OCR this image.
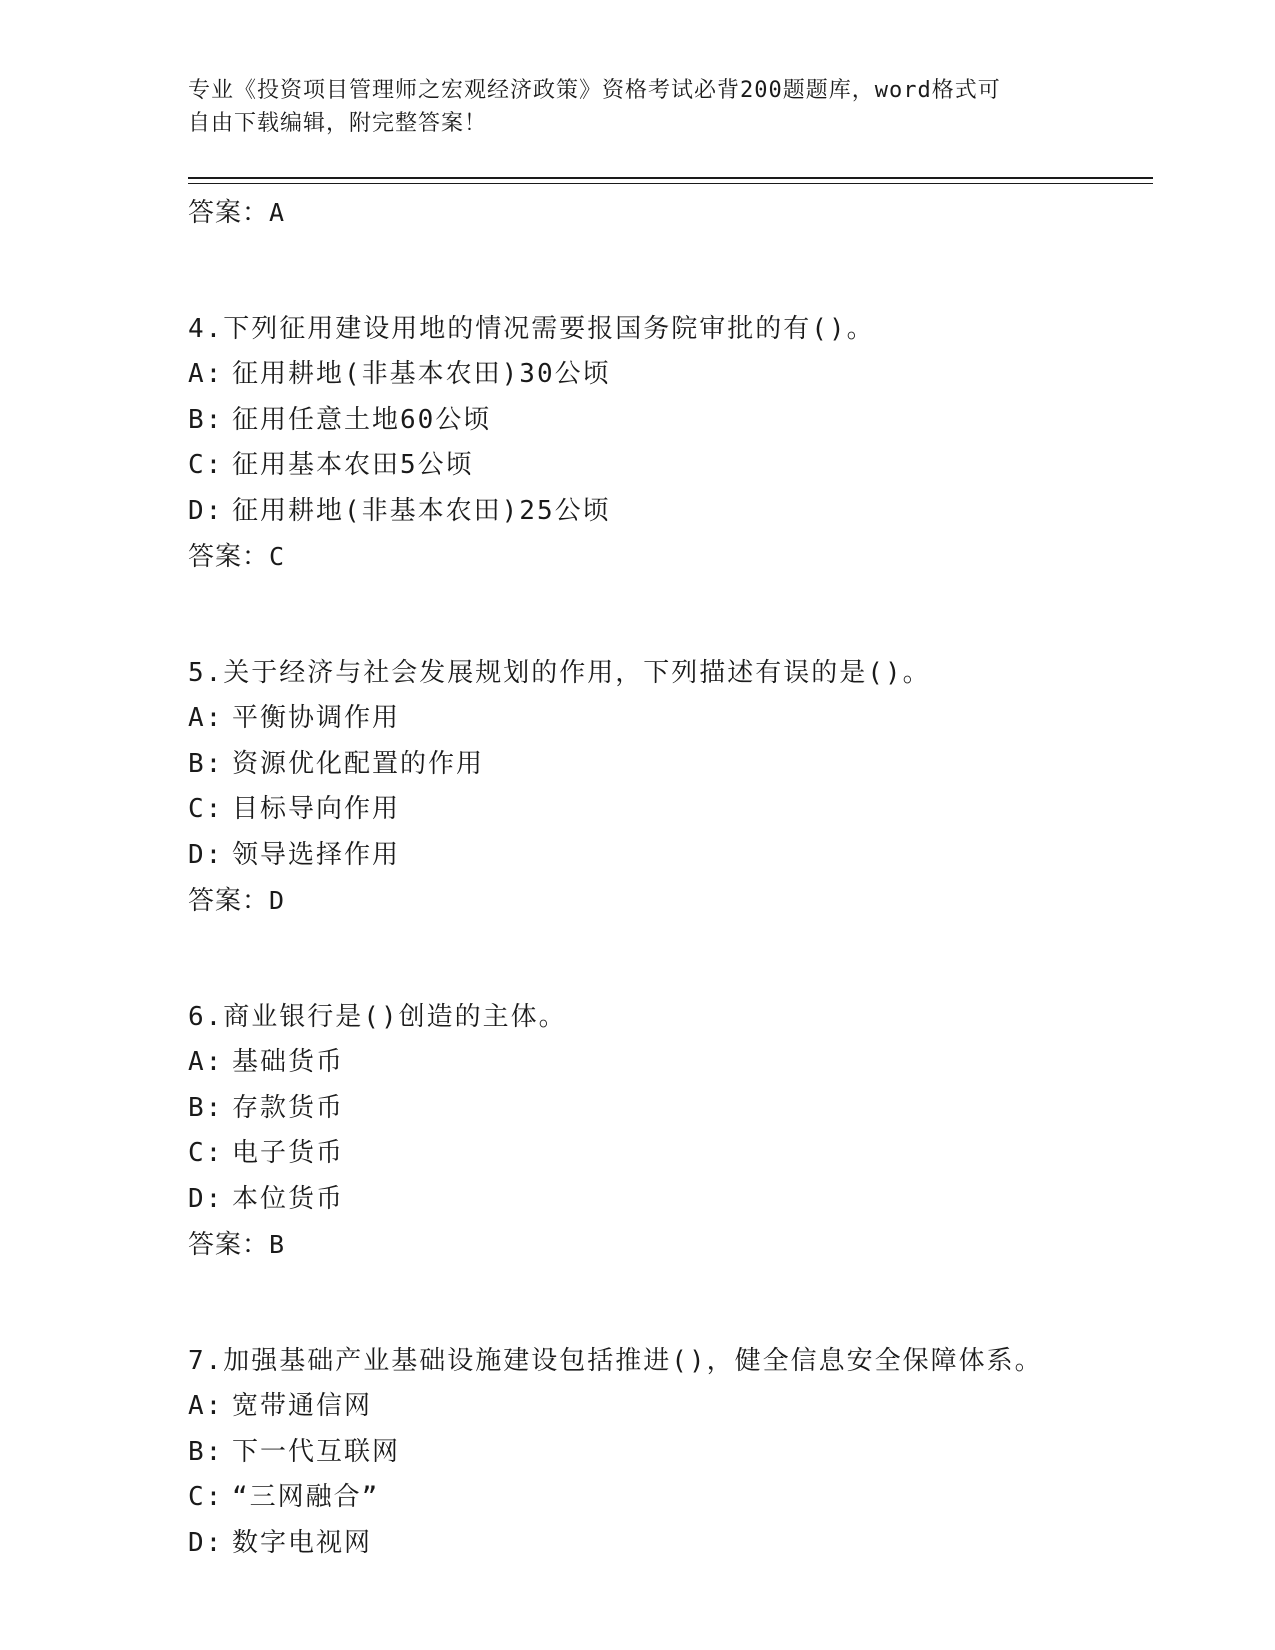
专业《投资项目管理师之宏观经济政策》资格考试必背200题题库，word格式可
自由下载编辑，附完整答案！
答案：A
4.下列征用建设用地的情况需要报国务院审批的有()。
A: 征用耕地(非基本农田)30公顷
B: 征用任意土地60公顷
C: 征用基本农田5公顷
D: 征用耕地(非基本农田)25公顷
答案：C
5.关于经济与社会发展规划的作用，下列描述有误的是()。
A: 平衡协调作用
B: 资源优化配置的作用
C: 目标导向作用
D: 领导选择作用
答案：D
6.商业银行是()创造的主体。
A: 基础货币
B: 存款货币
C: 电子货币
D: 本位货币
答案：B
7.加强基础产业基础设施建设包括推进()，健全信息安全保障体系。
A: 宽带通信网
B: 下一代互联网
C: “三网融合”
D: 数字电视网
